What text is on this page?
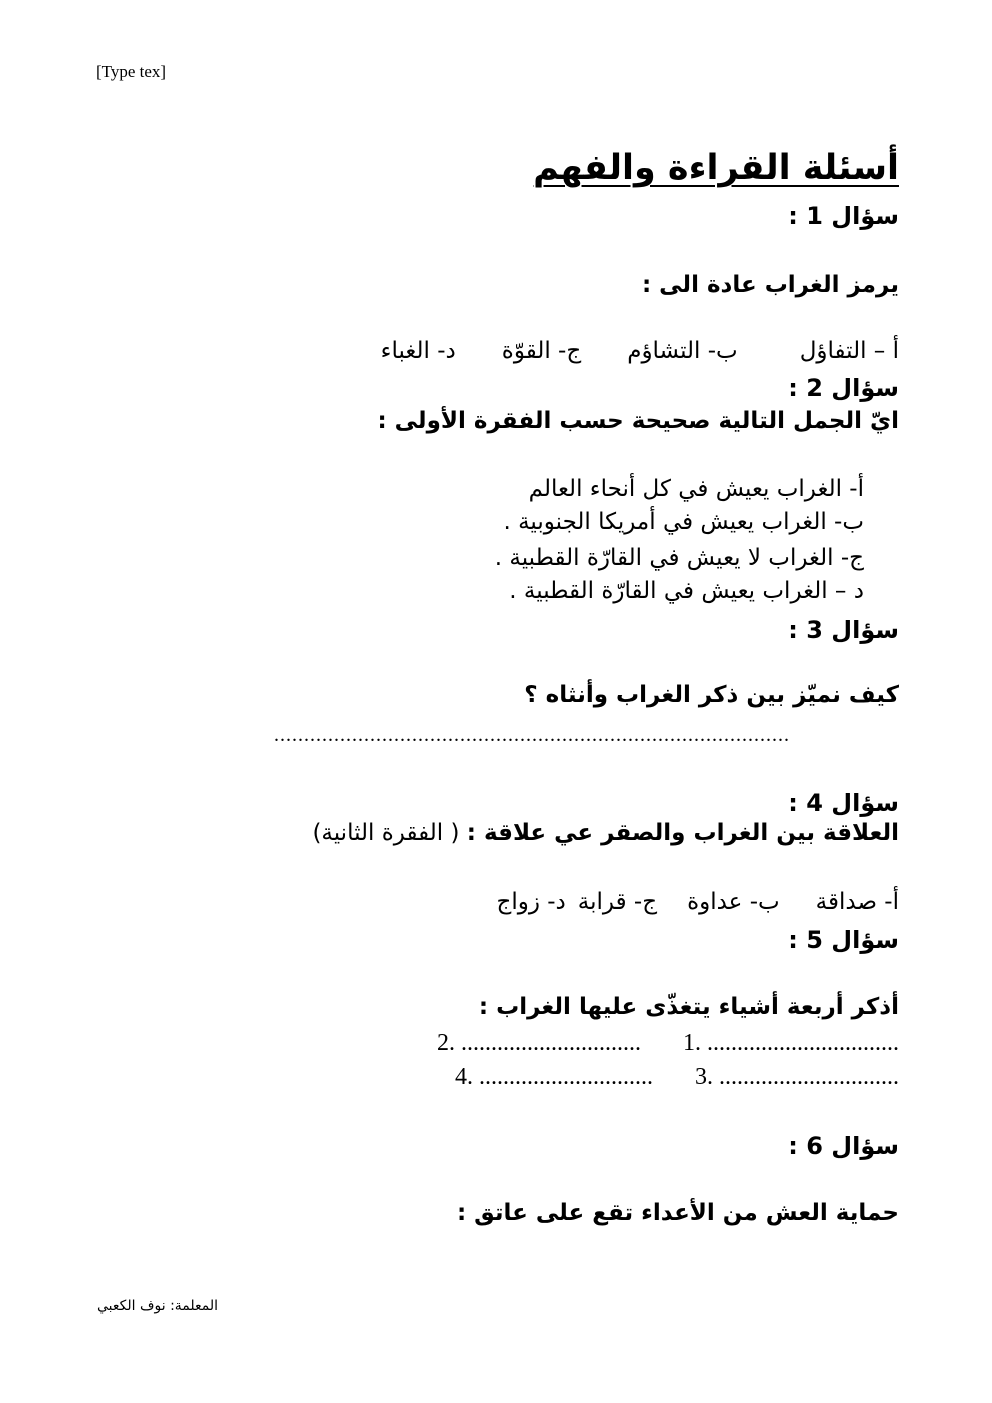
[Type tex]
أسئلة القراءة والفهم
سؤال 1 :
يرمز الغراب عادة الى :
أ – التفاؤل
ب- التشاؤم
ج- القوّة
د- الغباء
سؤال 2 :
ايّ الجمل التالية صحيحة حسب الفقرة الأولى :
أ- الغراب يعيش في كل أنحاء العالم
ب- الغراب يعيش في أمريكا الجنوبية .
ج- الغراب لا يعيش في القارّة القطبية .
د – الغراب يعيش في القارّة القطبية .
سؤال 3 :
كيف نميّز بين ذكر الغراب وأنثاه ؟
......................................................................................
سؤال 4 :
العلاقة بين الغراب والصقر عي علاقة : ( الفقرة الثانية)
أ- صداقة
ب- عداوة
ج- قرابة
د- زواج
سؤال 5 :
أذكر أربعة أشياء يتغذّى عليها الغراب :
1. ................................
2. ..............................
3. ..............................
4. .............................
سؤال 6 :
حماية العش من الأعداء تقع على عاتق :
المعلمة: نوف الكعبي
